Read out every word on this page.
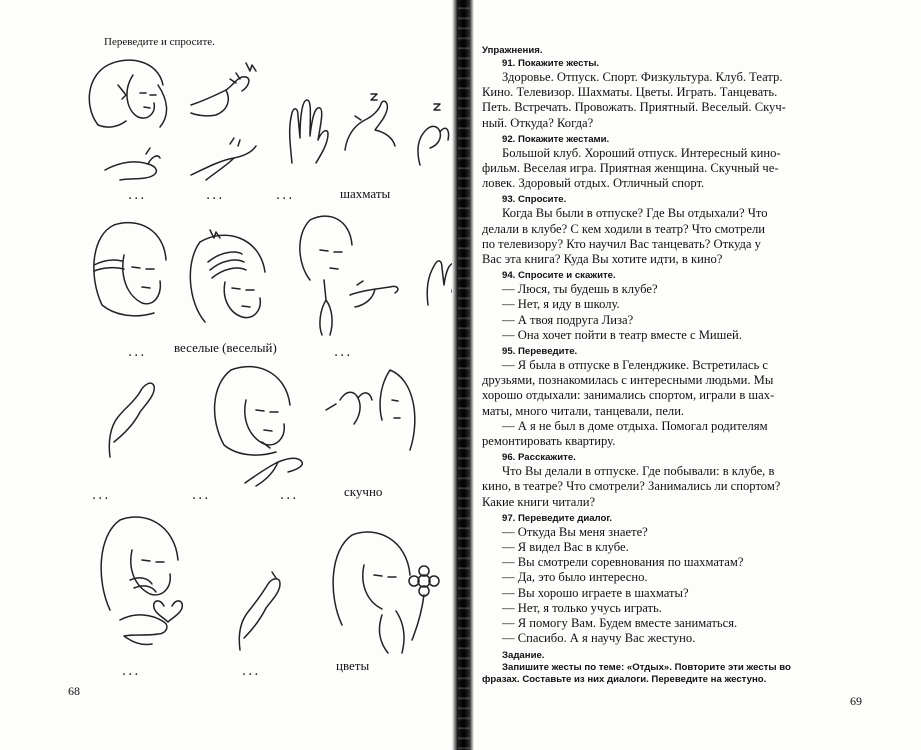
Переведите и спросите.
...	...	...	шахматы
... веселые (веселый)	...
...	...	...	скучно
...	...	цветы
68

Упражнения.

91. Покажите жесты.

Здоровье. Отпуск. Спорт. Физкультура. Клуб. Театр.

Кино. Телевизор. Шахматы. Цветы. Играть. Танцевать.

Петь. Встречать. Провожать. Приятный. Веселый. Скуч-

ный. Откуда? Когда?

92. Покажите жестами.

Большой клуб. Хороший отпуск. Интересный кино-

фильм. Веселая игра. Приятная женщина. Скучный че-

ловек. Здоровый отдых. Отличный спорт.

93. Спросите.

Когда Вы были в отпуске? Где Вы отдыхали? Что

делали в клубе? С кем ходили в театр? Что смотрели

по телевизору? Кто научил Вас танцевать? Откуда у

Вас эта книга? Куда Вы хотите идти, в кино?

94. Спросите и скажите.

— Люся, ты будешь в клубе?

— Нет, я иду в школу.

— А твоя подруга Лиза?

— Она хочет пойти в театр вместе с Мишей.

95. Переведите.

— Я была в отпуске в Геленджике. Встретилась с

друзьями, познакомилась с интересными людьми. Мы

хорошо отдыхали: занимались спортом, играли в шах-

маты, много читали, танцевали, пели.

— А я не был в доме отдыха. Помогал родителям

ремонтировать квартиру.

96. Расскажите.

Что Вы делали в отпуске. Где побывали: в клубе, в

кино, в театре? Что смотрели? Занимались ли спортом?

Какие книги читали?

97. Переведите диалог.

— Откуда Вы меня знаете?

— Я видел Вас в клубе.

— Вы смотрели соревнования по шахматам?

— Да, это было интересно.

— Вы хорошо играете в шахматы?

— Нет, я только учусь играть.

— Я помогу Вам. Будем вместе заниматься.

— Спасибо. А я научу Вас жестуно.

Задание.

Запишите жесты по теме: «Отдых». Повторите эти жесты во

фразах. Составьте из них диалоги. Переведите на жестуно.

69
